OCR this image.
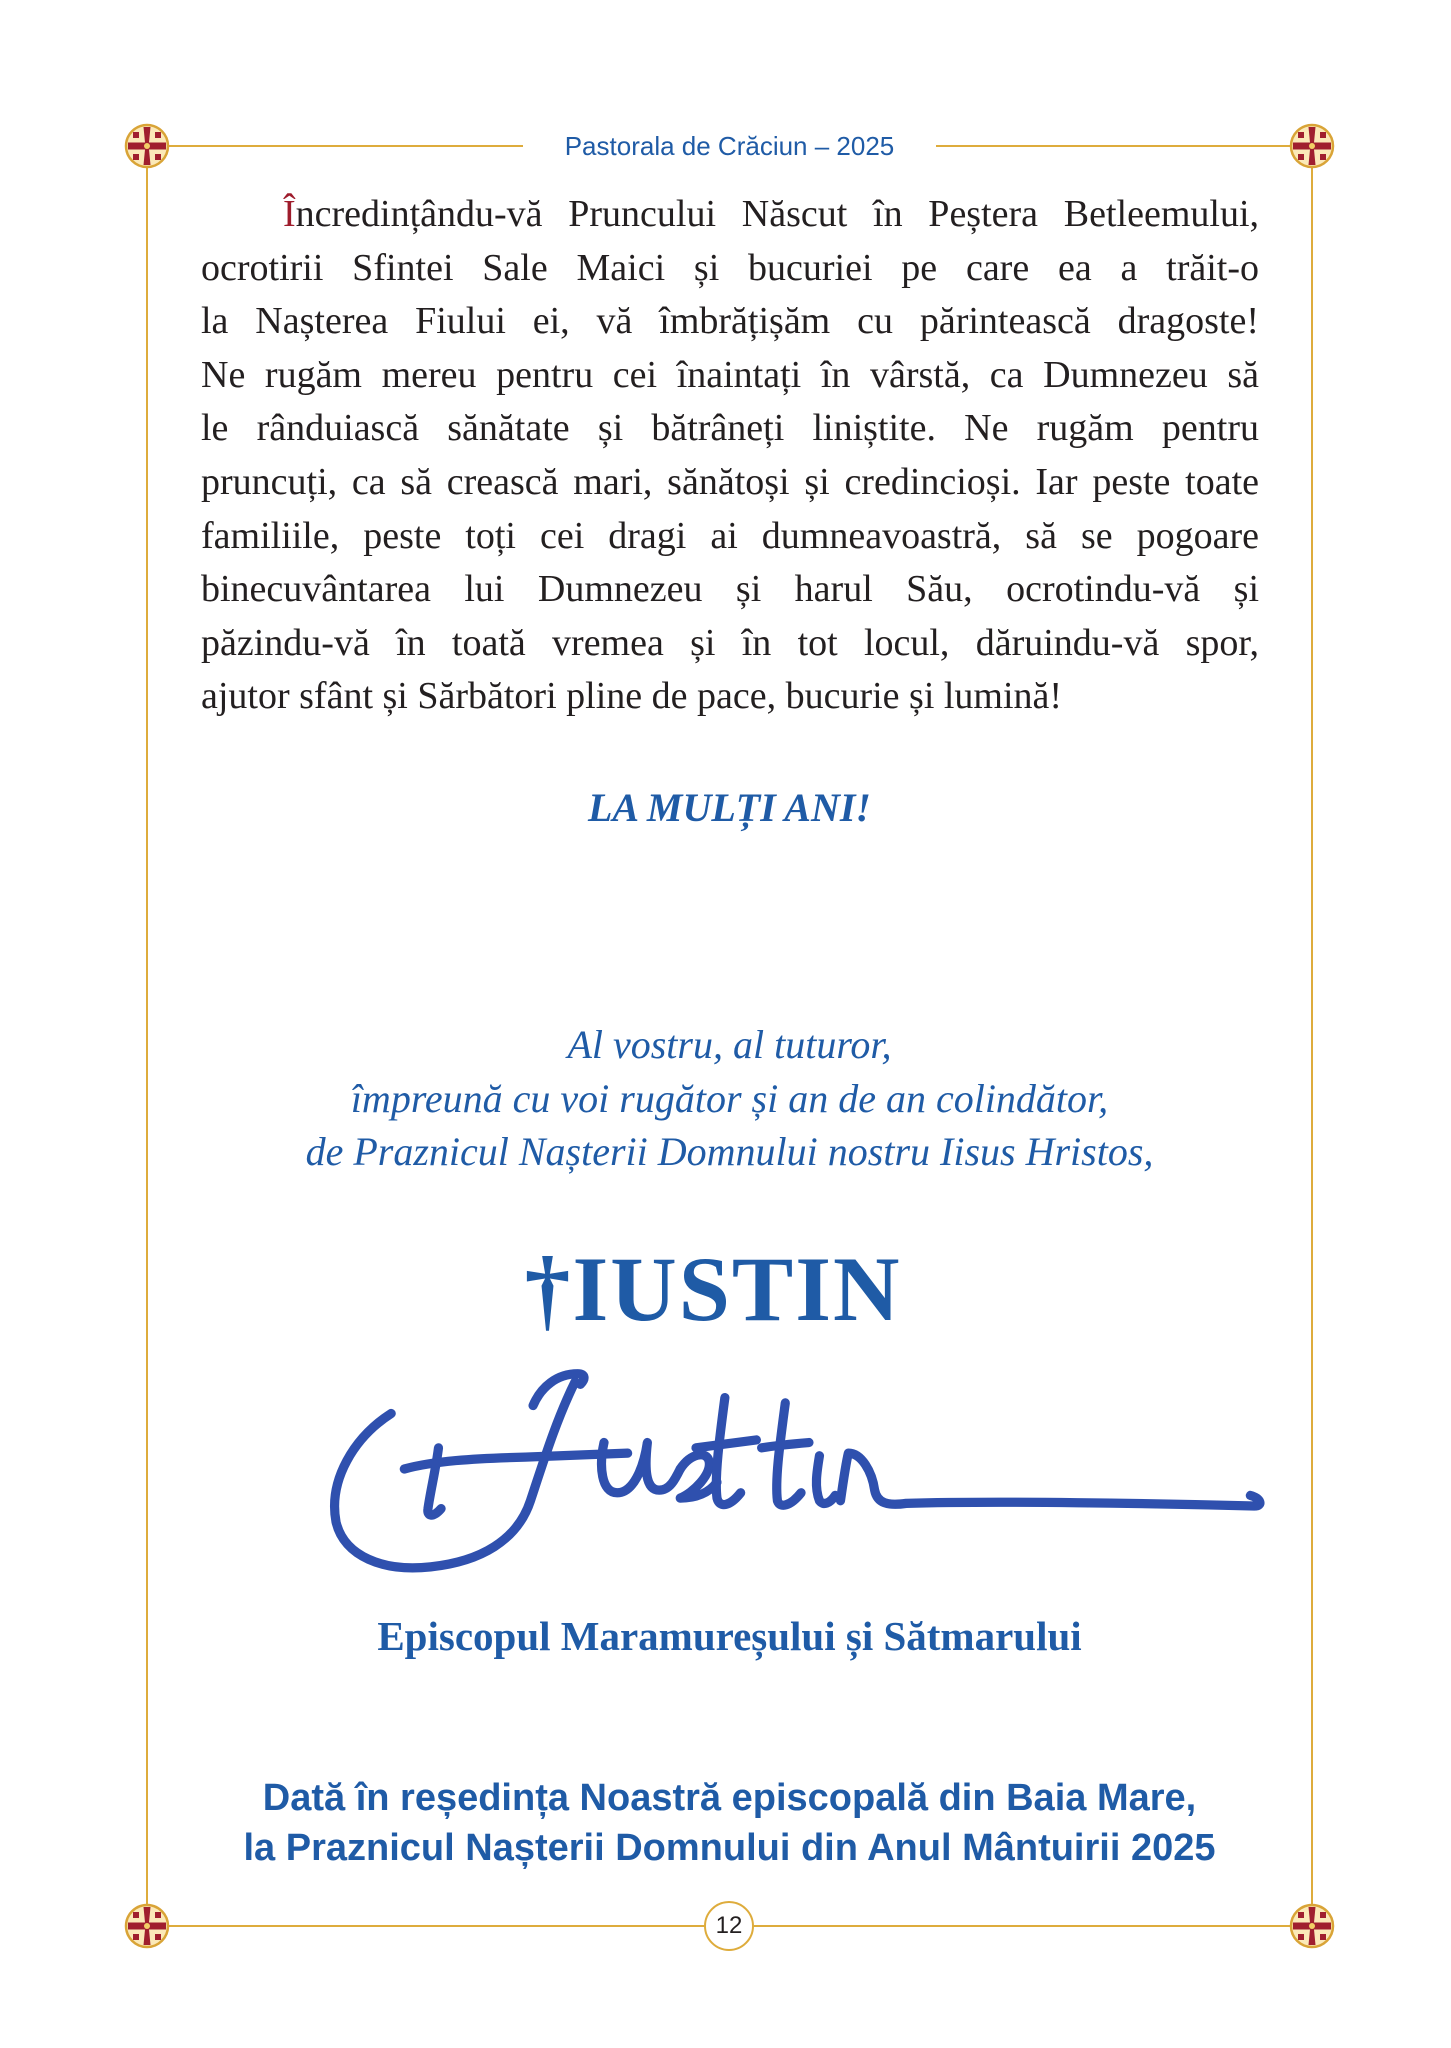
Pastorala de Crăciun – 2025
Încredințându-vă Pruncului Născut în Peștera Betleemului,
ocrotirii Sfintei Sale Maici și bucuriei pe care ea a trăit-o
la Nașterea Fiului ei, vă îmbrățișăm cu părintească dragoste!
Ne rugăm mereu pentru cei înaintați în vârstă, ca Dumnezeu să
le rânduiască sănătate și bătrâneți liniștite. Ne rugăm pentru
pruncuți, ca să crească mari, sănătoși și credincioși. Iar peste toate
familiile, peste toți cei dragi ai dumneavoastră, să se pogoare
binecuvântarea lui Dumnezeu și harul Său, ocrotindu-vă și
păzindu-vă în toată vremea și în tot locul, dăruindu-vă spor,
ajutor sfânt și Sărbători pline de pace, bucurie și lumină!
LA MULȚI ANI!
Al vostru, al tuturor,
împreună cu voi rugător și an de an colindător,
de Praznicul Nașterii Domnului nostru Iisus Hristos,
†IUSTIN
Episcopul Maramureșului și Sătmarului
Dată în reședința Noastră episcopală din Baia Mare,
la Praznicul Nașterii Domnului din Anul Mântuirii 2025
12
